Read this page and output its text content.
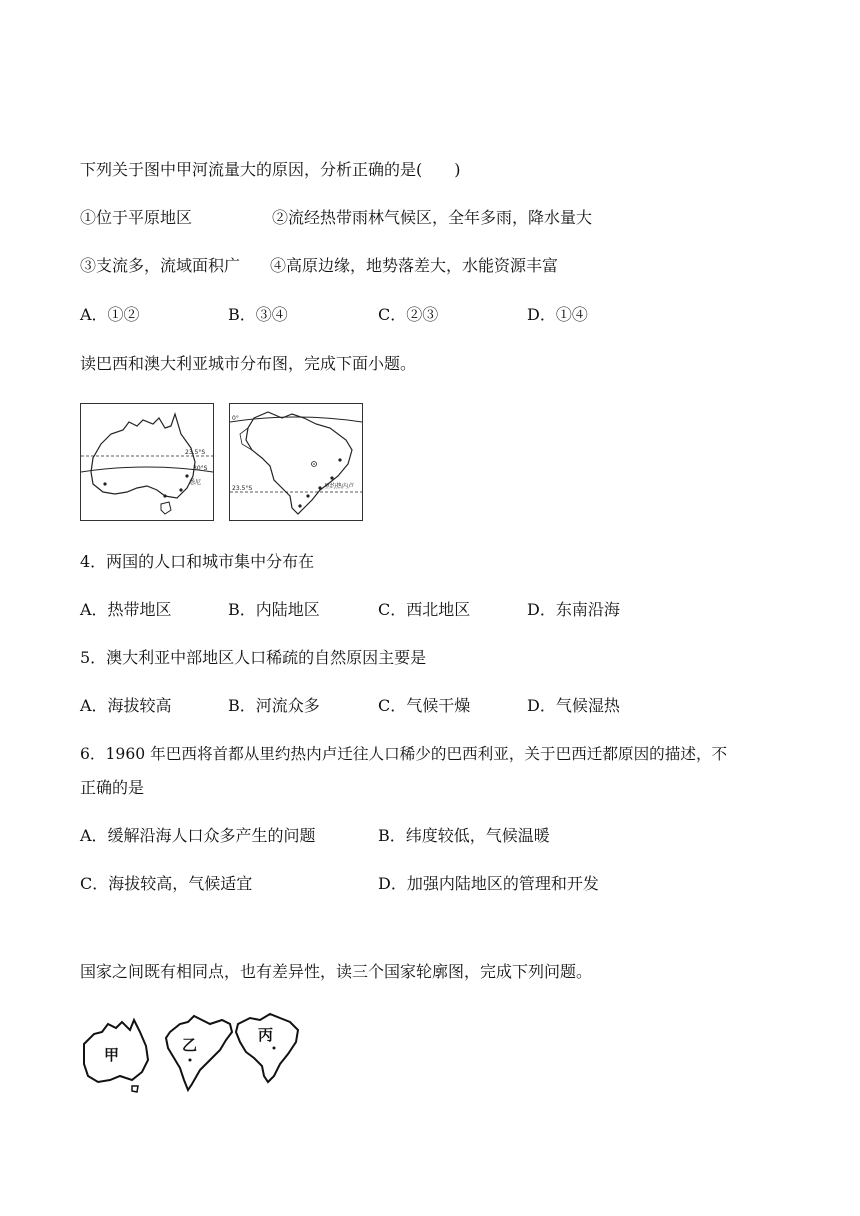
下列关于图中甲河流量大的原因，分析正确的是(　　)
①位于平原地区	②流经热带雨林气候区，全年多雨，降水量大
③支流多，流域面积广 ④高原边缘，地势落差大，水能资源丰富
A．①②	B．③④	C．②③	D．①④
读巴西和澳大利亚城市分布图，完成下面小题。
23.5°S
30°S
悉尼
0°
23.5°S	里约热内卢
4．两国的人口和城市集中分布在
A．热带地区	B．内陆地区	C．西北地区	D．东南沿海
5．澳大利亚中部地区人口稀疏的自然原因主要是
A．海拔较高	B．河流众多	C．气候干燥	D．气候湿热
6．1960 年巴西将首都从里约热内卢迁往人口稀少的巴西利亚，关于巴西迁都原因的描述，不
正确的是
A．缓解沿海人口众多产生的问题	B．纬度较低，气候温暖
C．海拔较高，气候适宜	D．加强内陆地区的管理和开发
国家之间既有相同点，也有差异性，读三个国家轮廓图，完成下列问题。
甲
乙
丙
